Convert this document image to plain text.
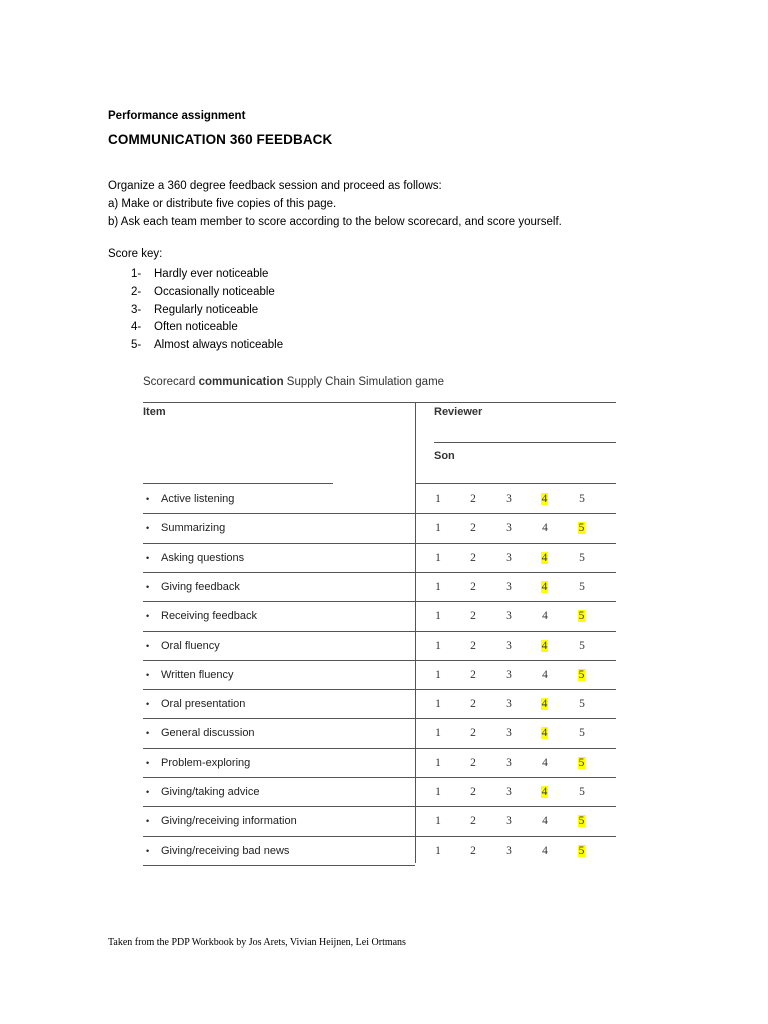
Performance assignment
COMMUNICATION 360 FEEDBACK
Organize a 360 degree feedback session and proceed as follows:
a) Make or distribute five copies of this page.
b) Ask each team member to score according to the below scorecard, and score yourself.
Score key:
1- Hardly ever noticeable
2- Occasionally noticeable
3- Regularly noticeable
4- Often noticeable
5- Almost always noticeable
Scorecard communication Supply Chain Simulation game
Item	Reviewer
Son
• Active listening	1	2	3	4	5
• Summarizing	1	2	3	4	5
• Asking questions	1	2	3	4	5
• Giving feedback	1	2	3	4	5
• Receiving feedback	1	2	3	4	5
• Oral fluency	1	2	3	4	5
• Written fluency	1	2	3	4	5
• Oral presentation	1	2	3	4	5
• General discussion	1	2	3	4	5
• Problem-exploring	1	2	3	4	5
• Giving/taking advice	1	2	3	4	5
• Giving/receiving information	1	2	3	4	5
• Giving/receiving bad news	1	2	3	4	5
Taken from the PDP Workbook by Jos Arets, Vivian Heijnen, Lei Ortmans
